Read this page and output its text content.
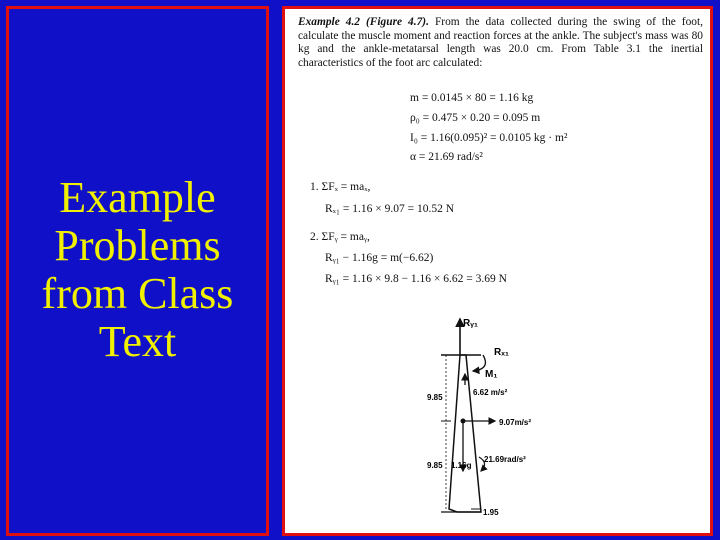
Example
Problems
from Class
Text
Example 4.2 (Figure 4.7). From the data collected during the swing of the foot, calculate the muscle moment and reaction forces at the ankle. The subject's mass was 80 kg and the ankle-metatarsal length was 20.0 cm. From Table 3.1 the inertial characteristics of the foot arc calculated:
m = 0.0145 × 80 = 1.16 kg
ρ₀ = 0.475 × 0.20 = 0.095 m
I₀ = 1.16(0.095)² = 0.0105 kg · m²
α = 21.69 rad/s²
1. ΣFₓ = maₓ,
Rₓ₁ = 1.16 × 9.07 = 10.52 N
2. ΣFᵧ = maᵧ,
Rᵧ₁ − 1.16g = m(−6.62)
Rᵧ₁ = 1.16 × 9.8 − 1.16 × 6.62 = 3.69 N
Rᵧ₁
Rₓ₁
M₁
6.62 m/s²
9.07m/s²
9.85
9.85 1.16g
21.69rad/s²
1.95
